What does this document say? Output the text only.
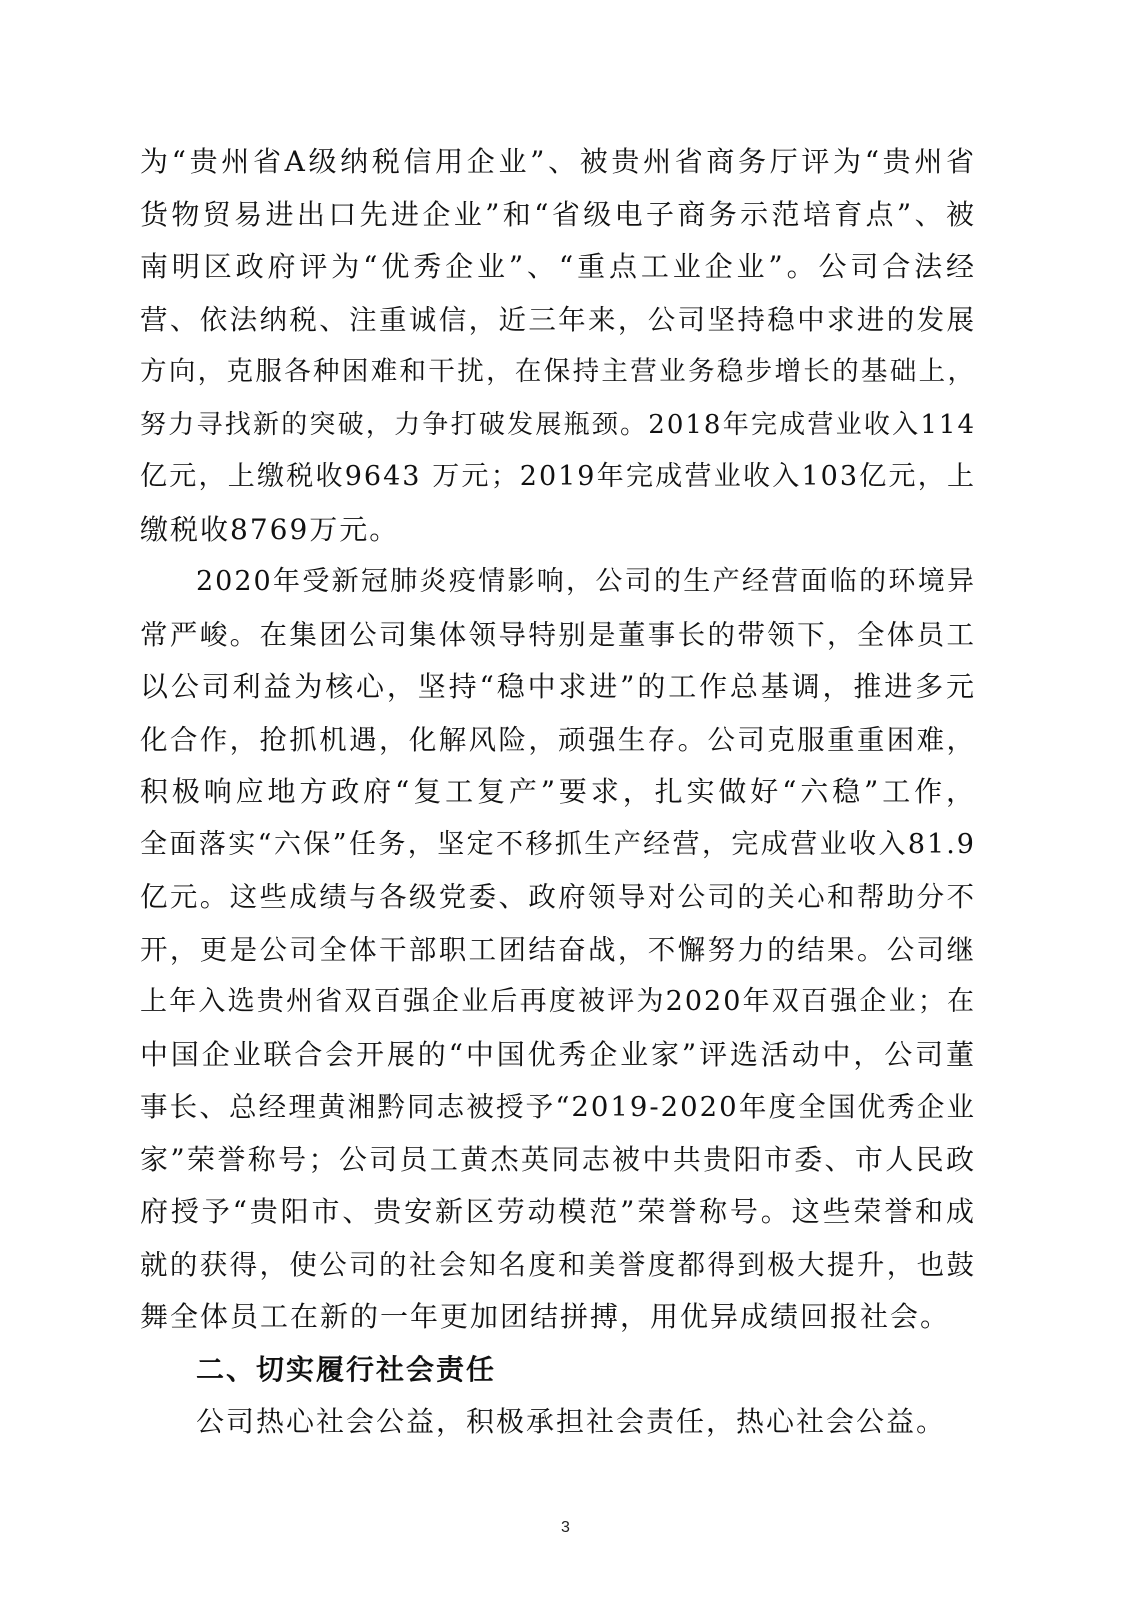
为“贵州省A级纳税信用企业”、被贵州省商务厅评为“贵州省
货物贸易进出口先进企业”和“省级电子商务示范培育点”、被
南明区政府评为“优秀企业”、“重点工业企业”。公司合法经
营、依法纳税、注重诚信，近三年来，公司坚持稳中求进的发展
方向，克服各种困难和干扰，在保持主营业务稳步增长的基础上，
努力寻找新的突破，力争打破发展瓶颈。2018年完成营业收入114
亿元，上缴税收9643 万元；2019年完成营业收入103亿元，上
缴税收8769万元。

2020年受新冠肺炎疫情影响，公司的生产经营面临的环境异
常严峻。在集团公司集体领导特别是董事长的带领下，全体员工
以公司利益为核心，坚持“稳中求进”的工作总基调，推进多元
化合作，抢抓机遇，化解风险，顽强生存。公司克服重重困难，
积极响应地方政府“复工复产”要求，扎实做好“六稳”工作，
全面落实“六保”任务，坚定不移抓生产经营，完成营业收入81.9
亿元。这些成绩与各级党委、政府领导对公司的关心和帮助分不
开，更是公司全体干部职工团结奋战，不懈努力的结果。公司继
上年入选贵州省双百强企业后再度被评为2020年双百强企业；在
中国企业联合会开展的“中国优秀企业家”评选活动中，公司董
事长、总经理黄湘黔同志被授予“2019-2020年度全国优秀企业
家”荣誉称号；公司员工黄杰英同志被中共贵阳市委、市人民政
府授予“贵阳市、贵安新区劳动模范”荣誉称号。这些荣誉和成
就的获得，使公司的社会知名度和美誉度都得到极大提升，也鼓
舞全体员工在新的一年更加团结拼搏，用优异成绩回报社会。

二、切实履行社会责任

公司热心社会公益，积极承担社会责任，热心社会公益。

3
